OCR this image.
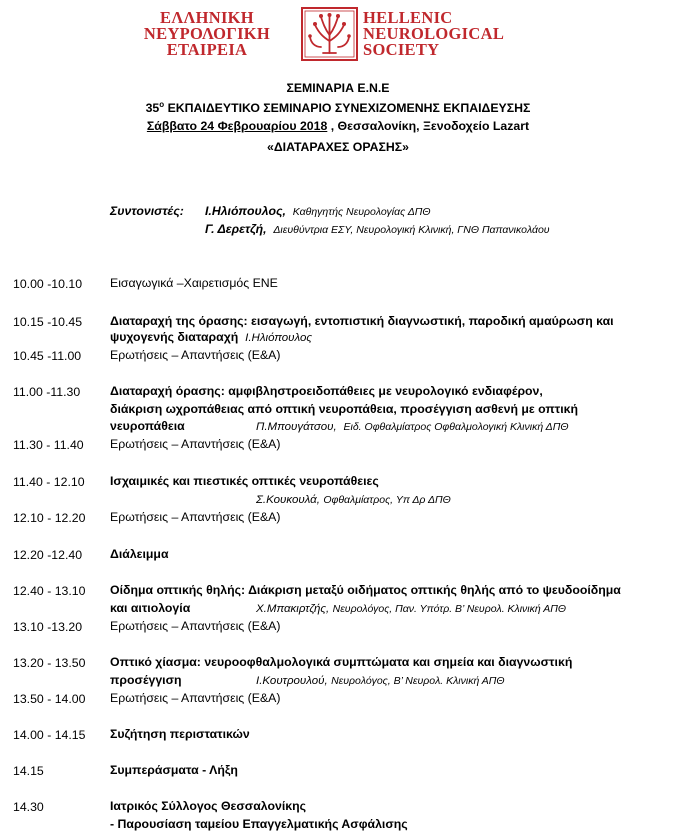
ΕΛΛΗΝΙΚΗ
ΝΕΥΡΟΛΟΓΙΚΗ
ΕΤΑΙΡΕΙΑ
HELLENIC
NEUROLOGICAL
SOCIETY
ΣΕΜΙΝΑΡΙΑ Ε.Ν.Ε
$35^o$ ΕΚΠΑΙΔΕΥΤΙΚΟ ΣΕΜΙΝΑΡΙΟ ΣΥΝΕΧΙΖΟΜΕΝΗΣ ΕΚΠΑΙΔΕΥΣΗΣ
Σάββατο 24 Φεβρουαρίου 2018 , Θεσσαλονίκη, Ξενοδοχείο Lazart
«ΔΙΑΤΑΡΑΧΕΣ ΟΡΑΣΗΣ»
Συντονιστές: Ι.Ηλιόπουλος, Καθηγητής Νευρολογίας ΔΠΘ
Γ. Δερετζή, Διευθύντρια ΕΣΥ, Νευρολογική Κλινική, ΓΝΘ Παπανικολάου
10.00 -10.10 Εισαγωγικά –Χαιρετισμός ΕΝΕ
10.15 -10.45 Διαταραχή της όρασης: εισαγωγή, εντοπιστική διαγνωστική, παροδική αμαύρωση και
ψυχογενής διαταραχή Ι.Ηλιόπουλος
10.45 -11.00 Ερωτήσεις – Απαντήσεις (Ε&Α)
11.00 -11.30 Διαταραχή όρασης: αμφιβληστροειδοπάθειες με νευρολογικό ενδιαφέρον,
διάκριση ωχροπάθειας από οπτική νευροπάθεια, προσέγγιση ασθενή με οπτική
νευροπάθεια	Π.Μπουγάτσου, Ειδ. Οφθαλμίατρος Οφθαλμολογική Κλινική ΔΠΘ
11.30 - 11.40 Ερωτήσεις – Απαντήσεις (Ε&Α)
11.40 - 12.10 Ισχαιμικές και πιεστικές οπτικές νευροπάθειες
Σ.Κουκουλά, Οφθαλμίατρος, Υπ Δρ ΔΠΘ
12.10 - 12.20 Ερωτήσεις – Απαντήσεις (Ε&Α)
12.20 -12.40 Διάλειμμα
12.40 - 13.10 Οίδημα οπτικής θηλής: Διάκριση μεταξύ οιδήματος οπτικής θηλής από το ψευδοοίδημα
και αιτιολογία	Χ.Μπακιρτζής, Νευρολόγος, Παν. Υπότρ. Β’ Νευρολ. Κλινική ΑΠΘ
13.10 -13.20 Ερωτήσεις – Απαντήσεις (Ε&Α)
13.20 - 13.50 Οπτικό χίασμα: νευροοφθαλμολογικά συμπτώματα και σημεία και διαγνωστική
προσέγγιση	Ι.Κουτρουλού, Νευρολόγος, Β’ Νευρολ. Κλινική ΑΠΘ
13.50 - 14.00 Ερωτήσεις – Απαντήσεις (Ε&Α)
14.00 - 14.15 Συζήτηση περιστατικών
14.15	Συμπεράσματα - Λήξη
14.30	Ιατρικός Σύλλογος Θεσσαλονίκης
- Παρουσίαση ταμείου Επαγγελματικής Ασφάλισης
